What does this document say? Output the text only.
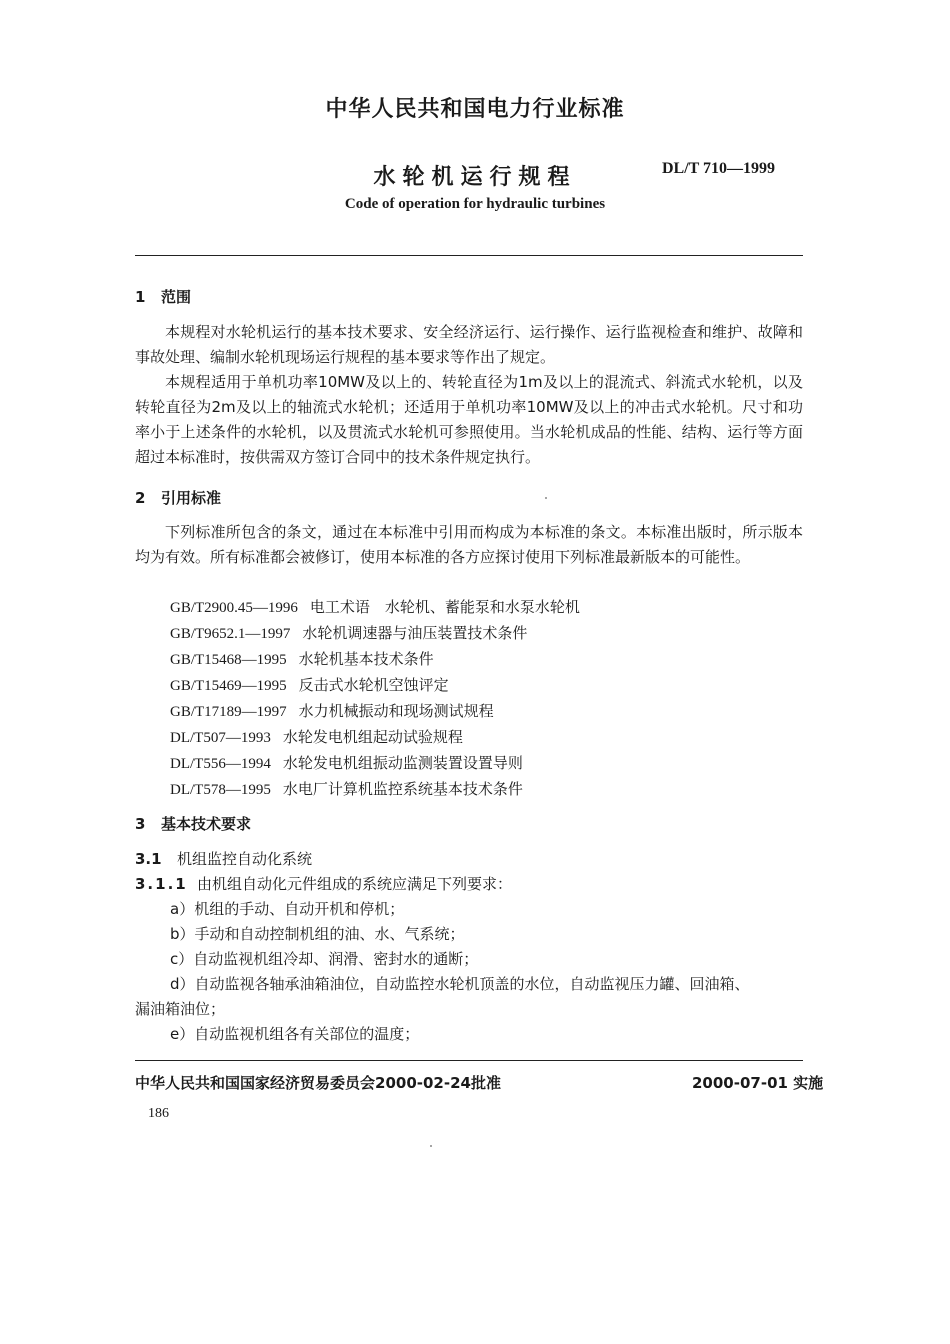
中华人民共和国电力行业标准
水轮机运行规程	DL/T 710—1999
Code of operation for hydraulic turbines
1 范围

本规程对水轮机运行的基本技术要求、安全经济运行、运行操作、运行监视检查和维护、故障和事故处理、编制水轮机现场运行规程的基本要求等作出了规定。

本规程适用于单机功率10MW及以上的、转轮直径为1m及以上的混流式、斜流式水轮机，以及转轮直径为2m及以上的轴流式水轮机；还适用于单机功率10MW及以上的冲击式水轮机。尺寸和功率小于上述条件的水轮机，以及贯流式水轮机可参照使用。当水轮机成品的性能、结构、运行等方面超过本标准时，按供需双方签订合同中的技术条件规定执行。

2 引用标准

下列标准所包含的条文，通过在本标准中引用而构成为本标准的条文。本标准出版时，所示版本均为有效。所有标准都会被修订，使用本标准的各方应探讨使用下列标准最新版本的可能性。

GB/T2900.45—1996 电工术语　水轮机、蓄能泵和水泵水轮机
GB/T9652.1—1997 水轮机调速器与油压装置技术条件
GB/T15468—1995 水轮机基本技术条件
GB/T15469—1995 反击式水轮机空蚀评定
GB/T17189—1997 水力机械振动和现场测试规程
DL/T507—1993 水轮发电机组起动试验规程
DL/T556—1994 水轮发电机组振动监测装置设置导则
DL/T578—1995 水电厂计算机监控系统基本技术条件
3 基本技术要求
3.1 机组监控自动化系统
3.1.1 由机组自动化元件组成的系统应满足下列要求：
a）机组的手动、自动开机和停机；
b）手动和自动控制机组的油、水、气系统；
c）自动监视机组冷却、润滑、密封水的通断；
d）自动监视各轴承油箱油位，自动监控水轮机顶盖的水位，自动监视压力罐、回油箱、
漏油箱油位；
e）自动监视机组各有关部位的温度；
中华人民共和国国家经济贸易委员会2000-02-24批准	2000-07-01 实施
186
